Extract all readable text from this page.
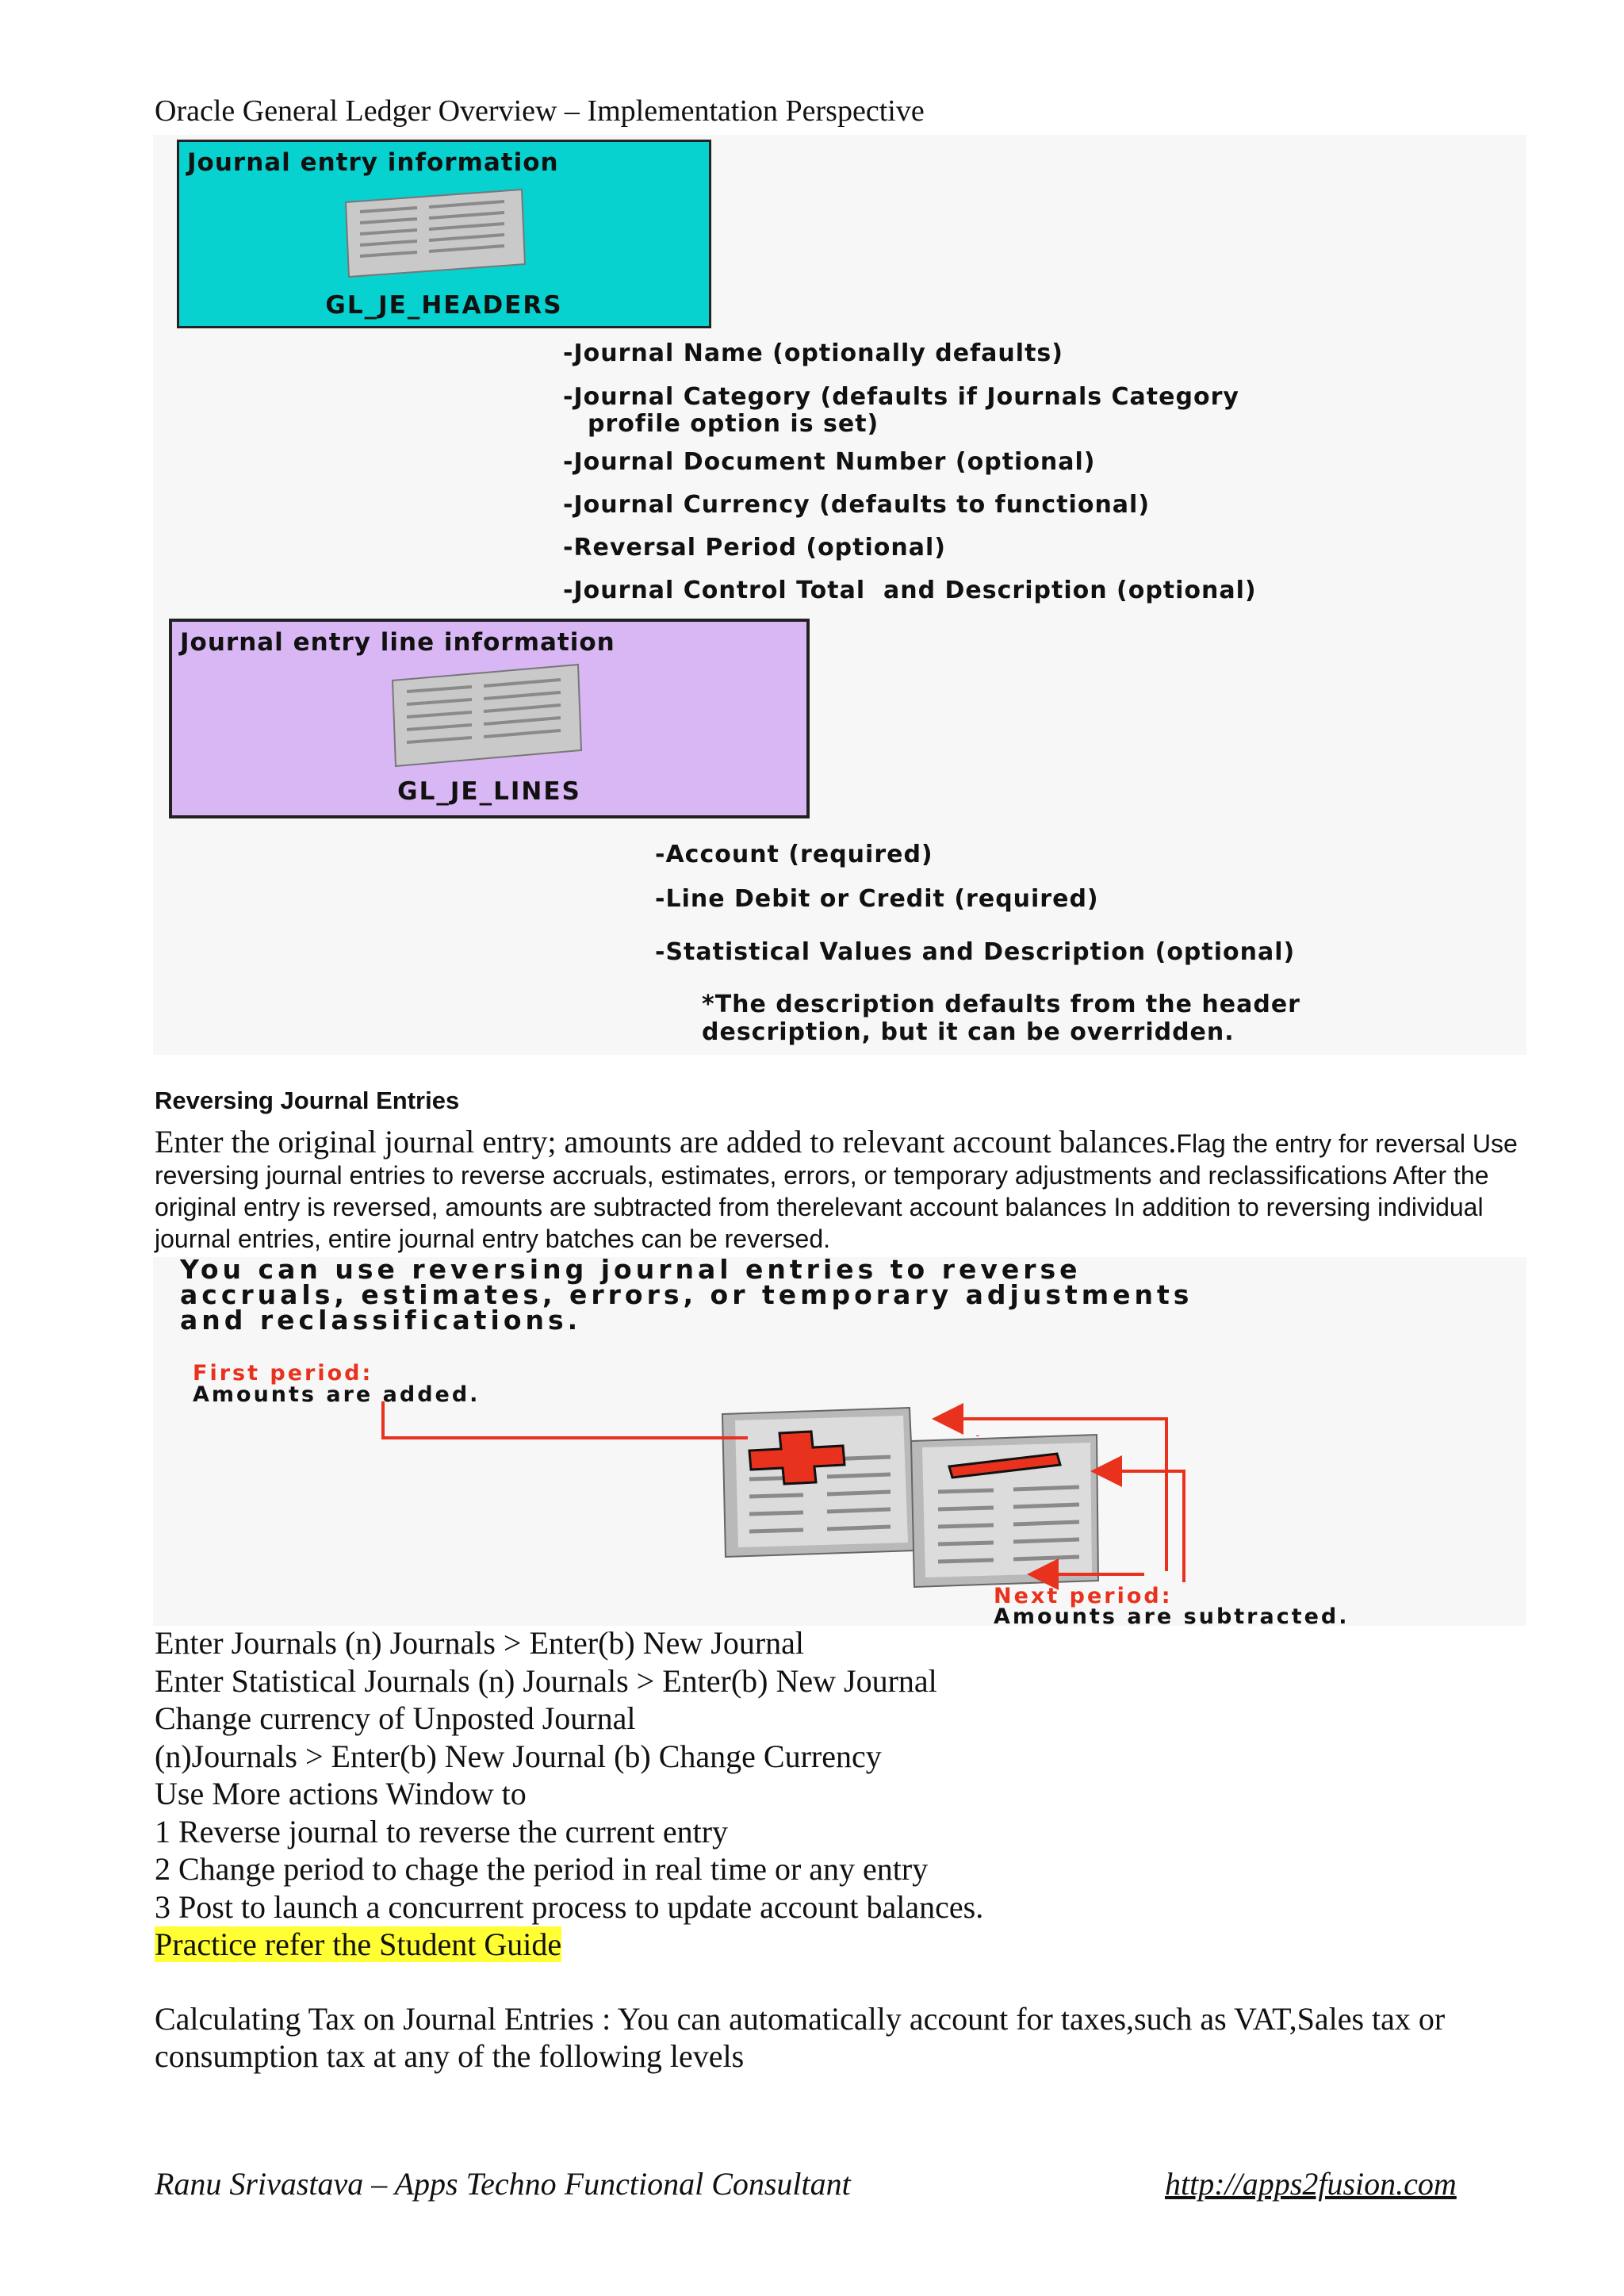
Oracle General Ledger Overview – Implementation Perspective
Journal entry information
GL_JE_HEADERS
-Journal Name (optionally defaults)
-Journal Category (defaults if Journals Category
profile option is set)
-Journal Document Number (optional)
-Journal Currency (defaults to functional)
-Reversal Period (optional)
-Journal Control Total  and Description (optional)
Journal entry line information
GL_JE_LINES
-Account (required)
-Line Debit or Credit (required)
-Statistical Values and Description (optional)
*The description defaults from the header
description, but it can be overridden.
Reversing Journal Entries
Enter the original journal entry; amounts are added to relevant account balances.Flag the entry for reversal Use reversing journal entries to reverse accruals, estimates, errors, or temporary adjustments and reclassifications After the original entry is reversed, amounts are subtracted from therelevant account balances In addition to reversing individual journal entries, entire journal entry batches can be reversed.
You can use reversing journal entries to reverse
accruals, estimates, errors, or temporary adjustments
and reclassifications.
First period:
Amounts are added.
Next period:
Amounts are subtracted.
Enter Journals (n) Journals > Enter(b) New Journal
Enter Statistical Journals (n) Journals > Enter(b) New Journal
Change currency of Unposted Journal
(n)Journals > Enter(b) New Journal (b) Change Currency
Use More actions Window to
1 Reverse journal to reverse the current entry
2 Change period to chage the period in real time or any entry
3 Post to launch a concurrent process to update account balances.
Practice refer the Student Guide
Calculating Tax on Journal Entries : You can automatically account for taxes,such as VAT,Sales tax or consumption tax at any of the following levels
Ranu Srivastava – Apps Techno Functional Consultant	http://apps2fusion.com
